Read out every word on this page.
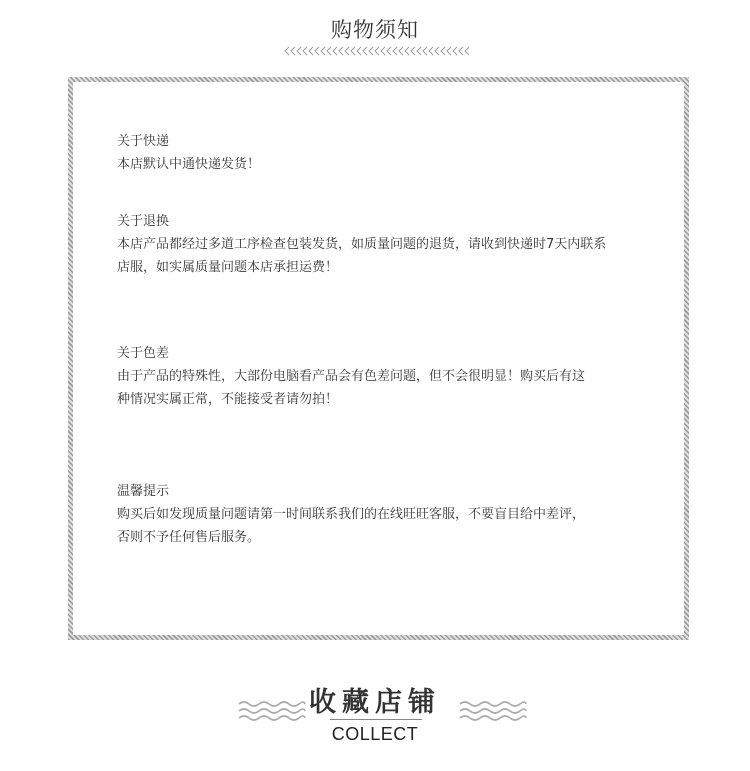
购物须知
关于快递
本店默认中通快递发货！
关于退换
本店产品都经过多道工序检查包装发货，如质量问题的退货，请收到快递时7天内联系
店服，如实属质量问题本店承担运费！
关于色差
由于产品的特殊性，大部份电脑看产品会有色差问题，但不会很明显！购买后有这
种情况实属正常，不能接受者请勿拍！
温馨提示
购买后如发现质量问题请第一时间联系我们的在线旺旺客服，不要盲目给中差评，
否则不予任何售后服务。
收藏店铺
COLLECT
